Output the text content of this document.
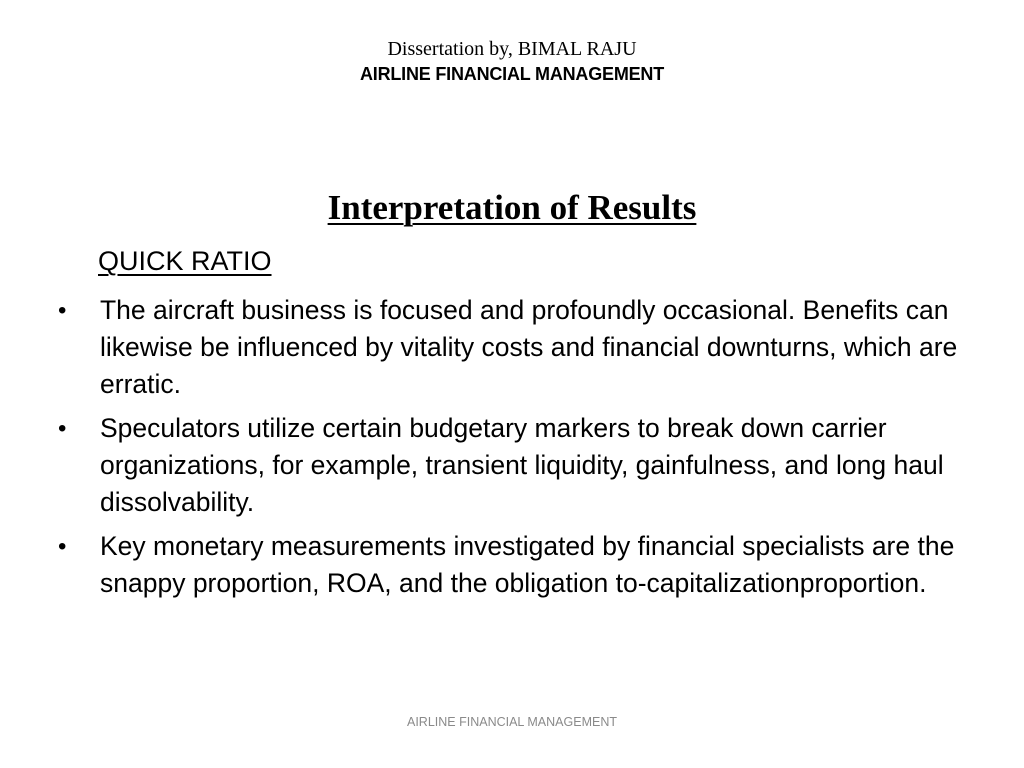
Dissertation by, BIMAL RAJU
AIRLINE FINANCIAL MANAGEMENT
Interpretation of Results
QUICK RATIO
• The aircraft business is focused and profoundly occasional. Benefits can likewise be influenced by vitality costs and financial downturns, which are erratic.
• Speculators utilize certain budgetary markers to break down carrier organizations, for example, transient liquidity, gainfulness, and long haul dissolvability.
• Key monetary measurements investigated by financial specialists are the snappy proportion, ROA, and the obligation to-capitalizationproportion.
AIRLINE FINANCIAL MANAGEMENT
